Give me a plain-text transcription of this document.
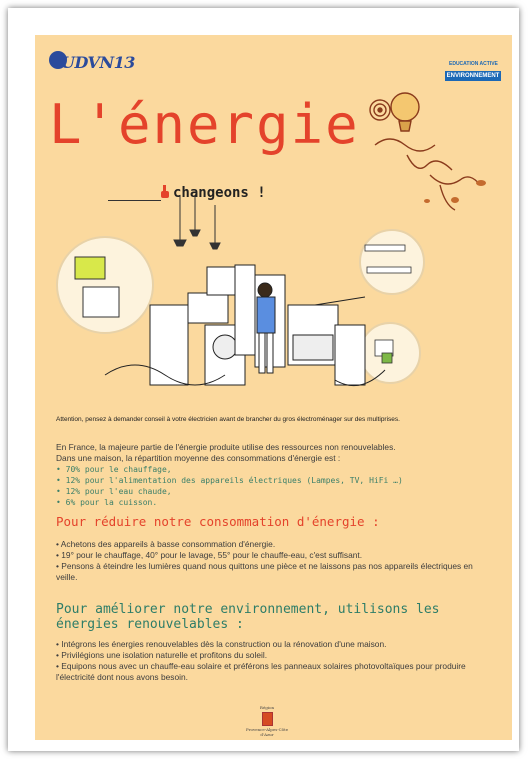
UDVN13	EDUCATION ACTIVE
ENVIRONNEMENT
L'énergie
changeons !
Attention, pensez à demander conseil à votre électricien avant de brancher du gros électroménager sur des multiprises.

En France, la majeure partie de l'énergie produite utilise des ressources non renouvelables.

Dans une maison, la répartition moyenne des consommations d'énergie est :

• 70% pour le chauffage,

• 12% pour l'alimentation des appareils électriques (Lampes, TV, HiFi …)

• 12% pour l'eau chaude,

• 6% pour la cuisson.

Pour réduire notre consommation d'énergie :

• Achetons des appareils à basse consommation d'énergie.

• 19° pour le chauffage, 40° pour le lavage, 55° pour le chauffe-eau, c'est suffisant.

• Pensons à éteindre les lumières quand nous quittons une pièce et ne laissons pas nos appareils électriques en veille.

Pour améliorer notre environnement, utilisons les énergies renouvelables :

• Intégrons les énergies renouvelables dès la construction ou la rénovation d'une maison.

• Privilégions une isolation naturelle et profitons du soleil.

• Equipons nous avec un chauffe-eau solaire et préférons les panneaux solaires photovoltaïques pour produire l'électricité dont nous avons besoin.

Région
Provence-Alpes-Côte d'Azur
